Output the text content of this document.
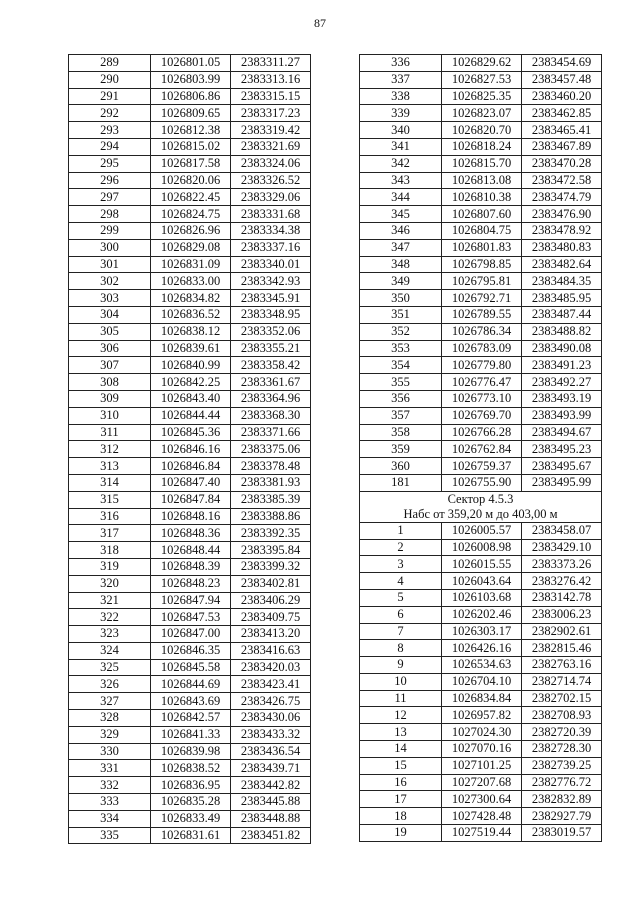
87
289	1026801.05	2383311.27
290	1026803.99	2383313.16
291	1026806.86	2383315.15
292	1026809.65	2383317.23
293	1026812.38	2383319.42
294	1026815.02	2383321.69
295	1026817.58	2383324.06
296	1026820.06	2383326.52
297	1026822.45	2383329.06
298	1026824.75	2383331.68
299	1026826.96	2383334.38
300	1026829.08	2383337.16
301	1026831.09	2383340.01
302	1026833.00	2383342.93
303	1026834.82	2383345.91
304	1026836.52	2383348.95
305	1026838.12	2383352.06
306	1026839.61	2383355.21
307	1026840.99	2383358.42
308	1026842.25	2383361.67
309	1026843.40	2383364.96
310	1026844.44	2383368.30
311	1026845.36	2383371.66
312	1026846.16	2383375.06
313	1026846.84	2383378.48
314	1026847.40	2383381.93
315	1026847.84	2383385.39
316	1026848.16	2383388.86
317	1026848.36	2383392.35
318	1026848.44	2383395.84
319	1026848.39	2383399.32
320	1026848.23	2383402.81
321	1026847.94	2383406.29
322	1026847.53	2383409.75
323	1026847.00	2383413.20
324	1026846.35	2383416.63
325	1026845.58	2383420.03
326	1026844.69	2383423.41
327	1026843.69	2383426.75
328	1026842.57	2383430.06
329	1026841.33	2383433.32
330	1026839.98	2383436.54
331	1026838.52	2383439.71
332	1026836.95	2383442.82
333	1026835.28	2383445.88
334	1026833.49	2383448.88
335	1026831.61	2383451.82
336	1026829.62	2383454.69
337	1026827.53	2383457.48
338	1026825.35	2383460.20
339	1026823.07	2383462.85
340	1026820.70	2383465.41
341	1026818.24	2383467.89
342	1026815.70	2383470.28
343	1026813.08	2383472.58
344	1026810.38	2383474.79
345	1026807.60	2383476.90
346	1026804.75	2383478.92
347	1026801.83	2383480.83
348	1026798.85	2383482.64
349	1026795.81	2383484.35
350	1026792.71	2383485.95
351	1026789.55	2383487.44
352	1026786.34	2383488.82
353	1026783.09	2383490.08
354	1026779.80	2383491.23
355	1026776.47	2383492.27
356	1026773.10	2383493.19
357	1026769.70	2383493.99
358	1026766.28	2383494.67
359	1026762.84	2383495.23
360	1026759.37	2383495.67
181	1026755.90	2383495.99

Сектор 4.5.3
Набс от 359,20 м до 403,00 м		

1	1026005.57	2383458.07
2	1026008.98	2383429.10
3	1026015.55	2383373.26
4	1026043.64	2383276.42
5	1026103.68	2383142.78
6	1026202.46	2383006.23
7	1026303.17	2382902.61
8	1026426.16	2382815.46
9	1026534.63	2382763.16
10	1026704.10	2382714.74
11	1026834.84	2382702.15
12	1026957.82	2382708.93
13	1027024.30	2382720.39
14	1027070.16	2382728.30
15	1027101.25	2382739.25
16	1027207.68	2382776.72
17	1027300.64	2382832.89
18	1027428.48	2382927.79
19	1027519.44	2383019.57
